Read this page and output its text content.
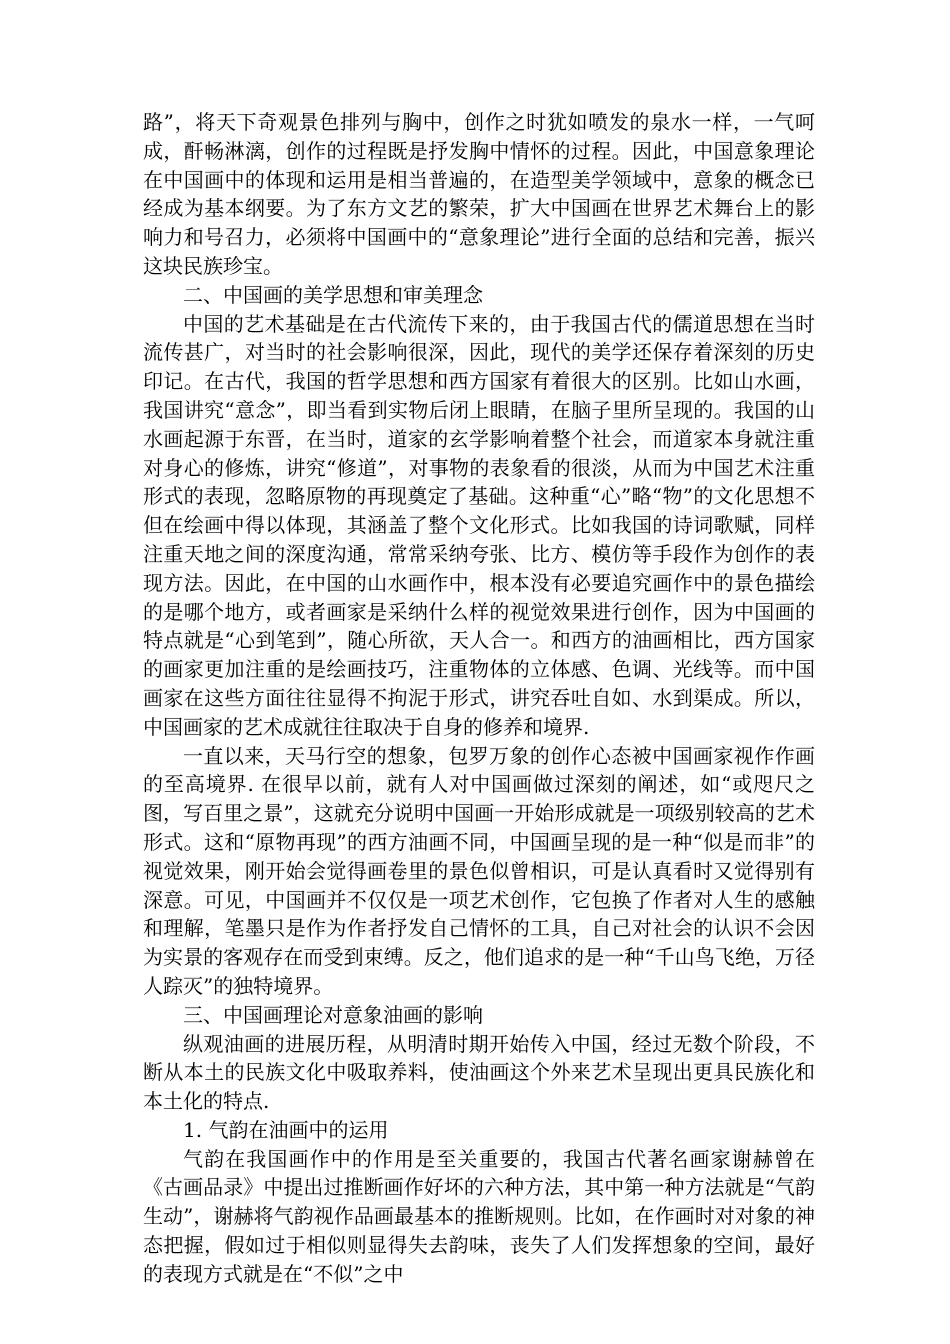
路”，将天下奇观景色排列与胸中，创作之时犹如喷发的泉水一样，一气呵成，酐畅淋漓，创作的过程既是抒发胸中情怀的过程。因此，中国意象理论在中国画中的体现和运用是相当普遍的，在造型美学领域中，意象的概念已经成为基本纲要。为了东方文艺的繁荣，扩大中国画在世界艺术舞台上的影响力和号召力，必须将中国画中的“意象理论”进行全面的总结和完善，振兴这块民族珍宝。

二、中国画的美学思想和审美理念

中国的艺术基础是在古代流传下来的，由于我国古代的儒道思想在当时流传甚广，对当时的社会影响很深，因此，现代的美学还保存着深刻的历史印记。在古代，我国的哲学思想和西方国家有着很大的区别。比如山水画，我国讲究“意念”，即当看到实物后闭上眼睛，在脑子里所呈现的。我国的山水画起源于东晋，在当时，道家的玄学影响着整个社会，而道家本身就注重对身心的修炼，讲究“修道”，对事物的表象看的很淡，从而为中国艺术注重形式的表现，忽略原物的再现奠定了基础。这种重“心”略“物”的文化思想不但在绘画中得以体现，其涵盖了整个文化形式。比如我国的诗词歌赋，同样注重天地之间的深度沟通，常常采纳夸张、比方、模仿等手段作为创作的表现方法。因此，在中国的山水画作中，根本没有必要追究画作中的景色描绘的是哪个地方，或者画家是采纳什么样的视觉效果进行创作，因为中国画的特点就是“心到笔到”，随心所欲，天人合一。和西方的油画相比，西方国家的画家更加注重的是绘画技巧，注重物体的立体感、色调、光线等。而中国画家在这些方面往往显得不拘泥于形式，讲究吞吐自如、水到渠成。所以，中国画家的艺术成就往往取决于自身的修养和境界.

一直以来，天马行空的想象，包罗万象的创作心态被中国画家视作作画的至高境界. 在很早以前，就有人对中国画做过深刻的阐述，如“或咫尺之图，写百里之景”，这就充分说明中国画一开始形成就是一项级别较高的艺术形式。这和“原物再现”的西方油画不同，中国画呈现的是一种“似是而非”的视觉效果，刚开始会觉得画卷里的景色似曾相识，可是认真看时又觉得别有深意。可见，中国画并不仅仅是一项艺术创作，它包换了作者对人生的感触和理解，笔墨只是作为作者抒发自己情怀的工具，自己对社会的认识不会因为实景的客观存在而受到束缚。反之，他们追求的是一种“千山鸟飞绝，万径人踪灭”的独特境界。

三、中国画理论对意象油画的影响

纵观油画的进展历程，从明清时期开始传入中国，经过无数个阶段，不断从本土的民族文化中吸取养料，使油画这个外来艺术呈现出更具民族化和本土化的特点.

1. 气韵在油画中的运用

气韵在我国画作中的作用是至关重要的，我国古代著名画家谢赫曾在《古画品录》中提出过推断画作好坏的六种方法，其中第一种方法就是“气韵生动”，谢赫将气韵视作品画最基本的推断规则。比如，在作画时对对象的神态把握，假如过于相似则显得失去韵味，丧失了人们发挥想象的空间，最好的表现方式就是在“不似”之中
